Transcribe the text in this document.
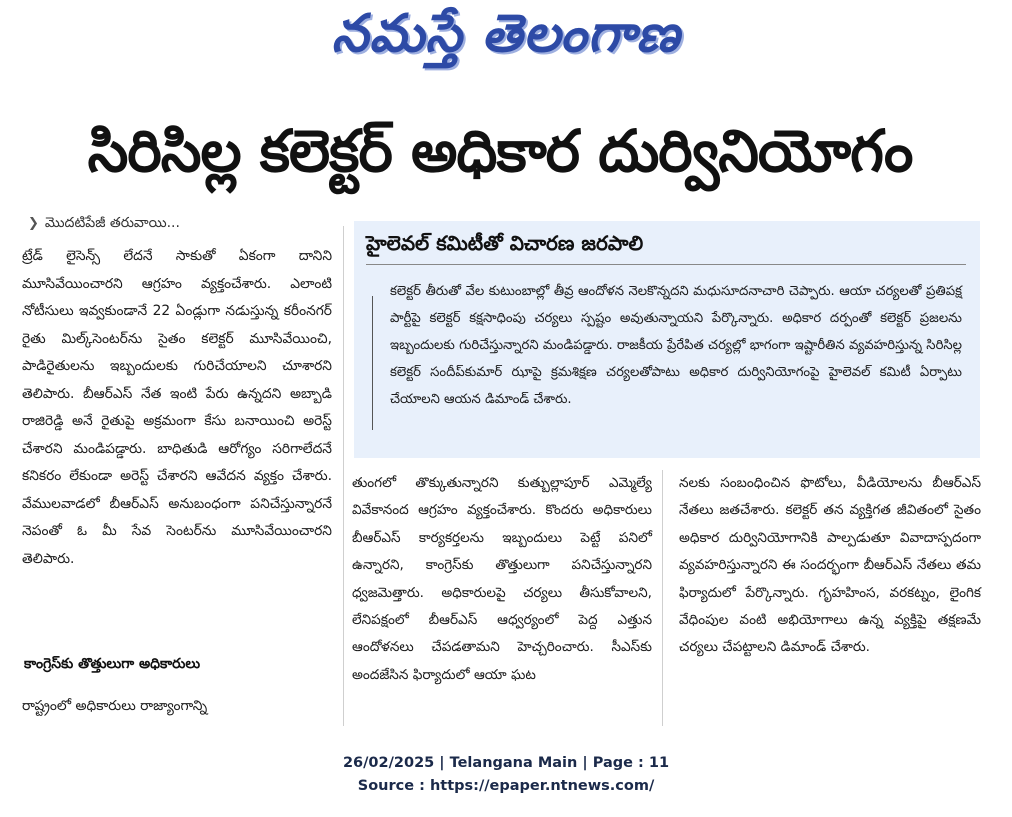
నమస్తే తెలంగాణ
సిరిసిల్ల కలెక్టర్ అధికార దుర్వినియోగం
❯ మొదటిపేజీ తరువాయి...

ట్రేడ్ లైసెన్స్ లేదనే సాకుతో ఏకంగా దానిని మూసివేయించారని ఆగ్రహం వ్యక్తంచేశారు. ఎలాంటి నోటీసులు ఇవ్వకుండానే 22 ఏండ్లుగా నడుస్తున్న కరీంనగర్ రైతు మిల్క్‌సెంటర్‌ను సైతం కలెక్టర్ మూసివేయించి, పాడిరైతులను ఇబ్బందులకు గురిచేయాలని చూశారని తెలిపారు. బీఆర్‌ఎస్ నేత ఇంటి పేరు ఉన్నదని అబ్బాడి రాజిరెడ్డి అనే రైతుపై అక్రమంగా కేసు బనాయించి అరెస్ట్ చేశారని మండిపడ్డారు. బాధితుడి ఆరోగ్యం సరిగాలేదనే కనికరం లేకుండా అరెస్ట్ చేశారని ఆవేదన వ్యక్తం చేశారు. వేములవాడలో బీఆర్‌ఎస్ అనుబంధంగా పనిచేస్తున్నారనే నెపంతో ఓ మీ సేవ సెంటర్‌ను మూసివేయించారని తెలిపారు.

కాంగ్రెస్‌కు తొత్తులుగా అధికారులు
రాష్ట్రంలో అధికారులు రాజ్యాంగాన్ని
హైలెవల్ కమిటీతో విచారణ జరపాలి
కలెక్టర్ తీరుతో వేల కుటుంబాల్లో తీవ్ర ఆందోళన నెలకొన్నదని మధుసూదనాచారి చెప్పారు. ఆయా చర్యలతో ప్రతిపక్ష పార్టీపై కలెక్టర్ కక్షసాధింపు చర్యలు స్పష్టం అవుతున్నాయని పేర్కొన్నారు. అధికార దర్పంతో కలెక్టర్ ప్రజలను ఇబ్బందులకు గురిచేస్తున్నారని మండిపడ్డారు. రాజకీయ ప్రేరేపిత చర్యల్లో భాగంగా ఇష్టారీతిన వ్యవహరిస్తున్న సిరిసిల్ల కలెక్టర్ సందీప్‌కుమార్ ఝాపై క్రమశిక్షణ చర్యలతోపాటు అధికార దుర్వినియోగంపై హైలెవల్ కమిటీ ఏర్పాటు చేయాలని ఆయన డిమాండ్ చేశారు.
తుంగలో తొక్కుతున్నారని కుత్బుల్లాపూర్ ఎమ్మెల్యే వివేకానంద ఆగ్రహం వ్యక్తంచేశారు. కొందరు అధికారులు బీఆర్‌ఎస్ కార్యకర్తలను ఇబ్బందులు పెట్టే పనిలో ఉన్నారని, కాంగ్రెస్‌కు తొత్తులుగా పనిచేస్తున్నారని ధ్వజమెత్తారు. అధికారులపై చర్యలు తీసుకోవాలని, లేనిపక్షంలో బీఆర్‌ఎస్ ఆధ్వర్యంలో పెద్ద ఎత్తున ఆందోళనలు చేపడతామని హెచ్చరించారు. సీఎస్‌కు అందజేసిన ఫిర్యాదులో ఆయా ఘట
నలకు సంబంధించిన ఫొటోలు, వీడియోలను బీఆర్‌ఎస్ నేతలు జతచేశారు. కలెక్టర్ తన వ్యక్తిగత జీవితంలో సైతం అధికార దుర్వినియోగానికి పాల్పడుతూ వివాదాస్పదంగా వ్యవహరిస్తున్నారని ఈ సందర్భంగా బీఆర్‌ఎస్ నేతలు తమ ఫిర్యాదులో పేర్కొన్నారు. గృహహింస, వరకట్నం, లైంగిక వేధింపుల వంటి అభియోగాలు ఉన్న వ్యక్తిపై తక్షణమే చర్యలు చేపట్టాలని డిమాండ్ చేశారు.
26/02/2025 | Telangana Main | Page : 11
Source : https://epaper.ntnews.com/
